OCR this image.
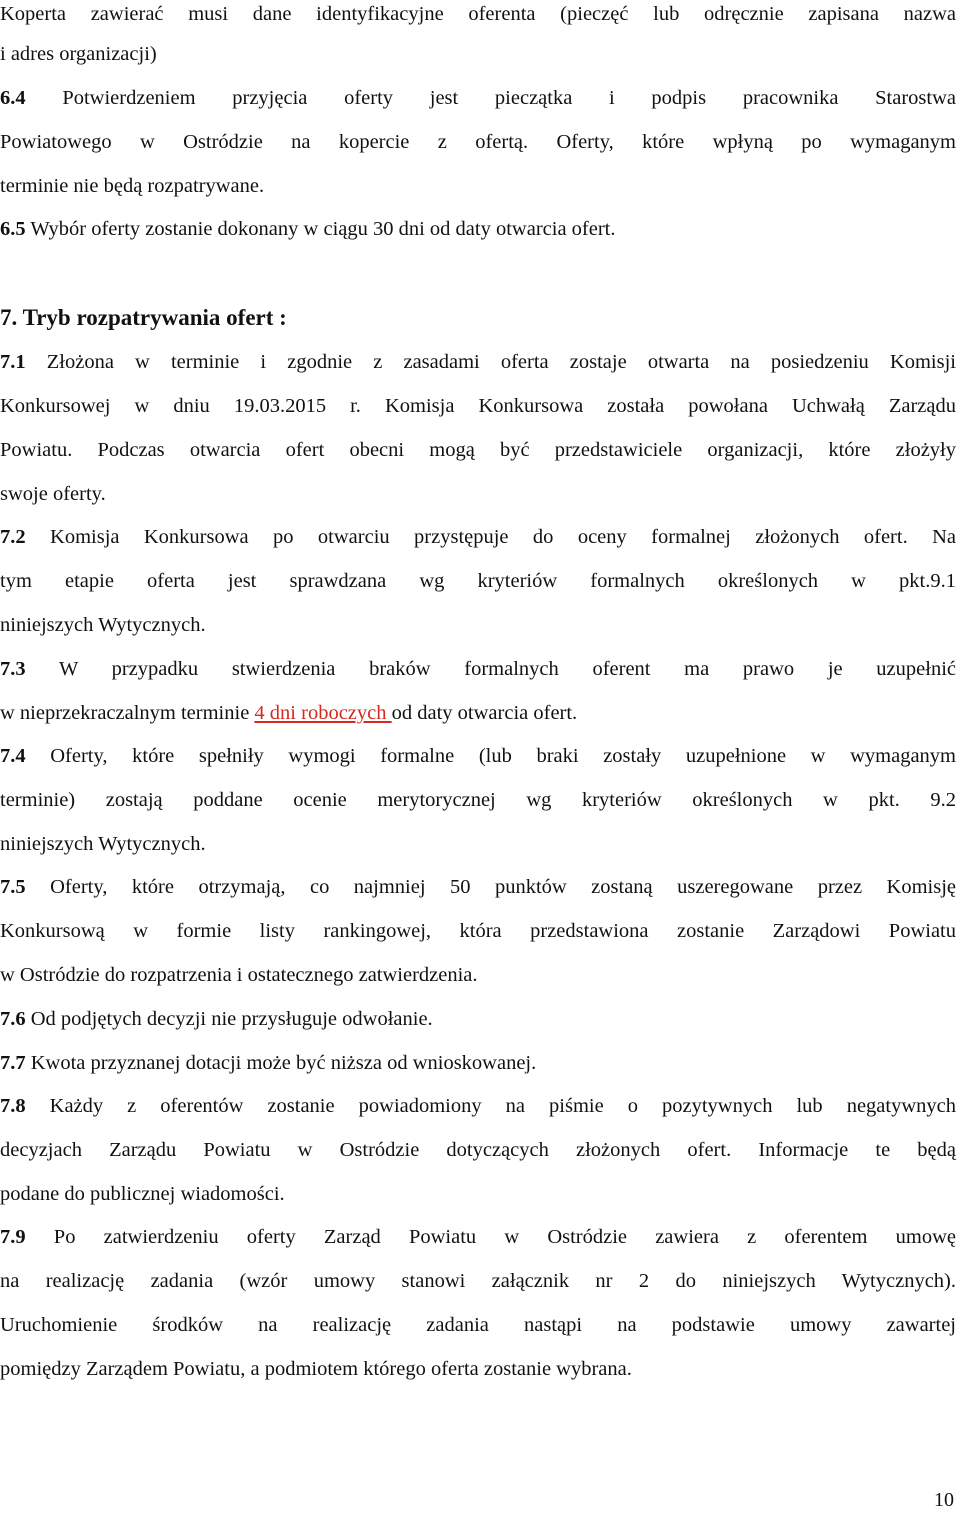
Koperta zawierać musi dane identyfikacyjne oferenta (pieczęć lub odręcznie zapisana nazwa
i adres organizacji)
6.4 Potwierdzeniem przyjęcia oferty jest pieczątka i podpis pracownika Starostwa
Powiatowego w Ostródzie na kopercie z ofertą. Oferty, które wpłyną po wymaganym
terminie nie będą rozpatrywane.
6.5 Wybór oferty zostanie dokonany w ciągu 30 dni od daty otwarcia ofert.
7. Tryb rozpatrywania ofert :
7.1 Złożona w terminie i zgodnie z zasadami oferta zostaje otwarta na posiedzeniu Komisji
Konkursowej w dniu 19.03.2015 r. Komisja Konkursowa została powołana Uchwałą Zarządu
Powiatu. Podczas otwarcia ofert obecni mogą być przedstawiciele organizacji, które złożyły
swoje oferty.
7.2 Komisja Konkursowa po otwarciu przystępuje do oceny formalnej złożonych ofert. Na
tym etapie oferta jest sprawdzana wg kryteriów formalnych określonych w pkt.9.1
niniejszych Wytycznych.
7.3 W przypadku stwierdzenia braków formalnych oferent ma prawo je uzupełnić
w nieprzekraczalnym terminie 4 dni roboczych od daty otwarcia ofert.
7.4 Oferty, które spełniły wymogi formalne (lub braki zostały uzupełnione w wymaganym
terminie) zostają poddane ocenie merytorycznej wg kryteriów określonych w pkt. 9.2
niniejszych Wytycznych.
7.5 Oferty, które otrzymają, co najmniej 50 punktów zostaną uszeregowane przez Komisję
Konkursową w formie listy rankingowej, która przedstawiona zostanie Zarządowi Powiatu
w Ostródzie do rozpatrzenia i ostatecznego zatwierdzenia.
7.6 Od podjętych decyzji nie przysługuje odwołanie.
7.7 Kwota przyznanej dotacji może być niższa od wnioskowanej.
7.8 Każdy z oferentów zostanie powiadomiony na piśmie o pozytywnych lub negatywnych
decyzjach Zarządu Powiatu w Ostródzie dotyczących złożonych ofert. Informacje te będą
podane do publicznej wiadomości.
7.9 Po zatwierdzeniu oferty Zarząd Powiatu w Ostródzie zawiera z oferentem umowę
na realizację zadania (wzór umowy stanowi załącznik nr 2 do niniejszych Wytycznych).
Uruchomienie środków na realizację zadania nastąpi na podstawie umowy zawartej
pomiędzy Zarządem Powiatu, a podmiotem którego oferta zostanie wybrana.
10
